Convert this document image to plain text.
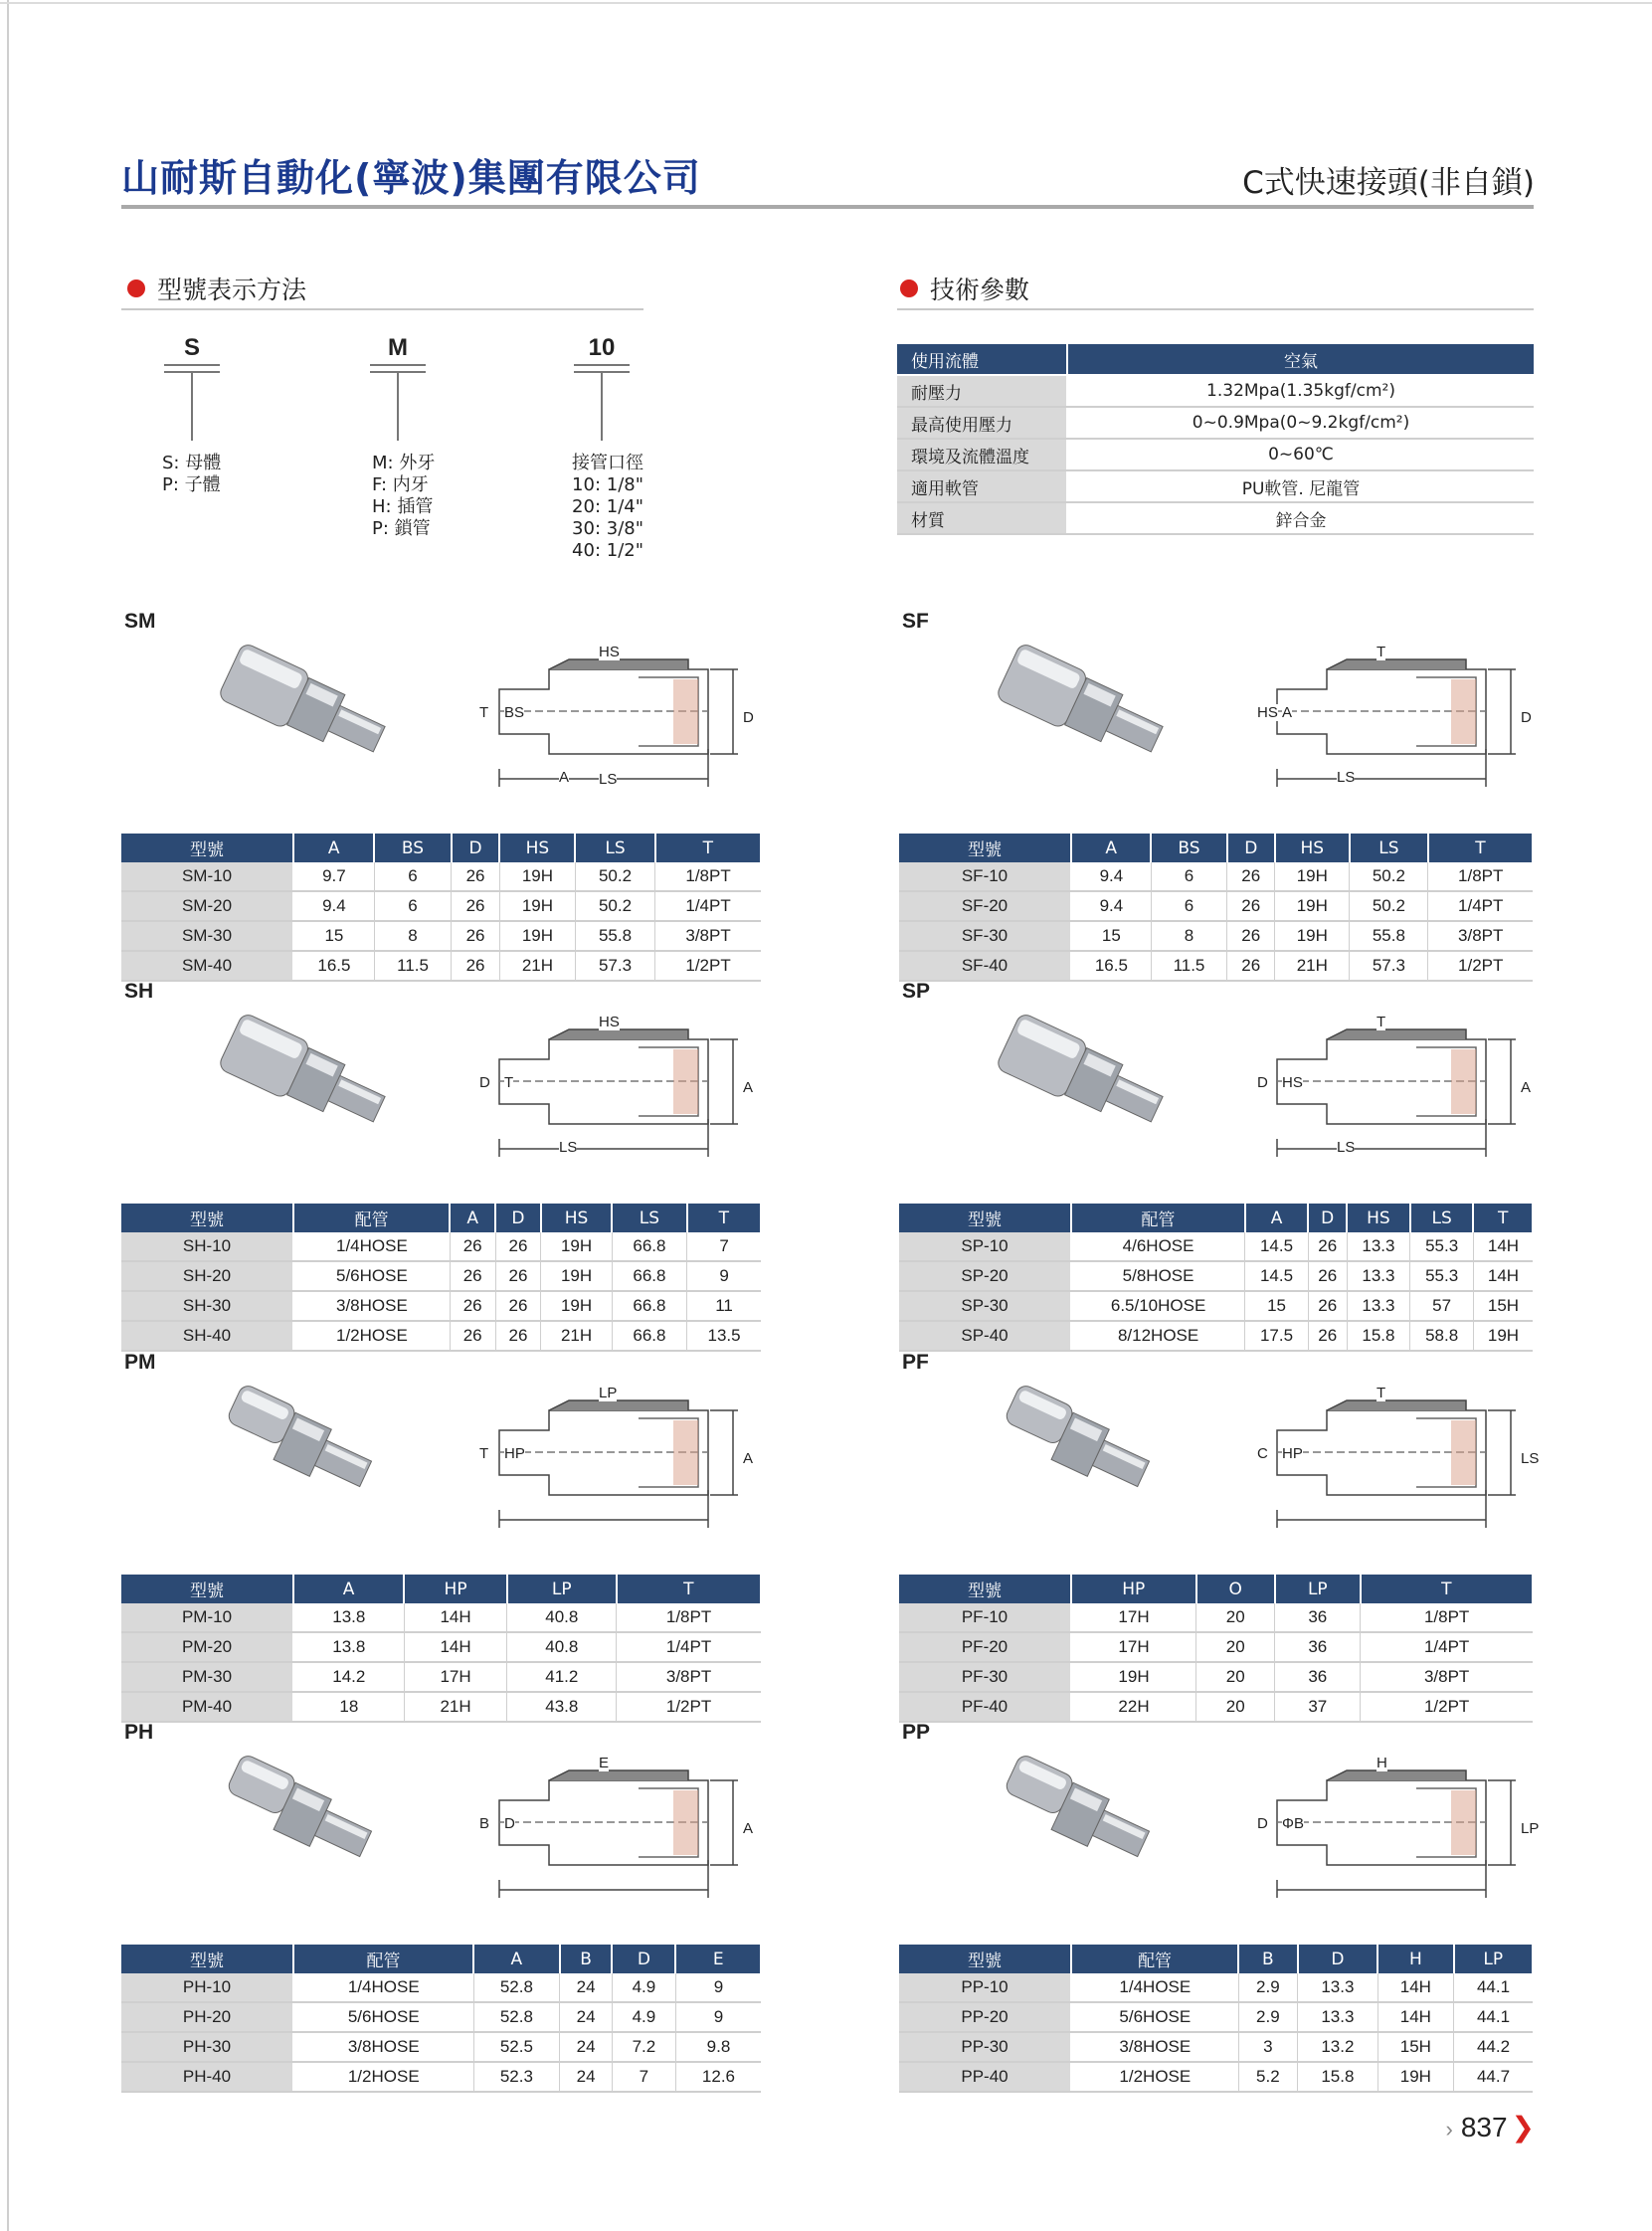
山耐斯自動化(寧波)集團有限公司	C式快速接頭(非自鎖)
型號表示方法	技術參數
S
S: 母體
P: 子體
M
M: 外牙
F: 内牙
H: 插管
P: 鎖管
10
接管口徑
10: 1/8"
20: 1/4"
30: 3/8"
40: 1/2"
使用流體	空氣
耐壓力	1.32Mpa(1.35kgf/cm²)
最高使用壓力	0~0.9Mpa(0~9.2kgf/cm²)
環境及流體溫度	0~60℃
適用軟管	PU軟管. 尼龍管
材質	鋅合金
SM
HS
BS
T	D
A LS
型號	A	BS	D	HS	LS	T
SM-10	9.7	6	26	19H	50.2	1/8PT
SM-20	9.4	6	26	19H	50.2	1/4PT
SM-30	15	8	26	19H	55.8	3/8PT
SM-40	16.5	11.5	26	21H	57.3	1/2PT
SF
T
A
HS	D
LS
型號	A	BS	D	HS	LS	T
SF-10	9.4	6	26	19H	50.2	1/8PT
SF-20	9.4	6	26	19H	50.2	1/4PT
SF-30	15	8	26	19H	55.8	3/8PT
SF-40	16.5	11.5	26	21H	57.3	1/2PT
SH
HS
T
D	A
LS
型號	配管	A	D	HS	LS	T
SH-10	1/4HOSE	26	26	19H	66.8	7
SH-20	5/6HOSE	26	26	19H	66.8	9
SH-30	3/8HOSE	26	26	19H	66.8	11
SH-40	1/2HOSE	26	26	21H	66.8	13.5
SP
T
HS
D	A
LS
型號	配管	A	D	HS	LS	T
SP-10	4/6HOSE	14.5	26	13.3	55.3	14H
SP-20	5/8HOSE	14.5	26	13.3	55.3	14H
SP-30	6.5/10HOSE	15	26	13.3	57	15H
SP-40	8/12HOSE	17.5	26	15.8	58.8	19H
PM
LP
HP
T	A
型號	A	HP	LP	T
PM-10	13.8	14H	40.8	1/8PT
PM-20	13.8	14H	40.8	1/4PT
PM-30	14.2	17H	41.2	3/8PT
PM-40	18	21H	43.8	1/2PT
PF
T
HP
C	LS
型號	HP	O	LP	T
PF-10	17H	20	36	1/8PT
PF-20	17H	20	36	1/4PT
PF-30	19H	20	36	3/8PT
PF-40	22H	20	37	1/2PT
PH
E
D
B	A
型號	配管	A	B	D	E
PH-10	1/4HOSE	52.8	24	4.9	9
PH-20	5/6HOSE	52.8	24	4.9	9
PH-30	3/8HOSE	52.5	24	7.2	9.8
PH-40	1/2HOSE	52.3	24	7	12.6
PP
H
ΦB
D	LP
型號	配管	B	D	H	LP
PP-10	1/4HOSE	2.9	13.3	14H	44.1
PP-20	5/6HOSE	2.9	13.3	14H	44.1
PP-30	3/8HOSE	3	13.2	15H	44.2
PP-40	1/2HOSE	5.2	15.8	19H	44.7
› 837 ❯
